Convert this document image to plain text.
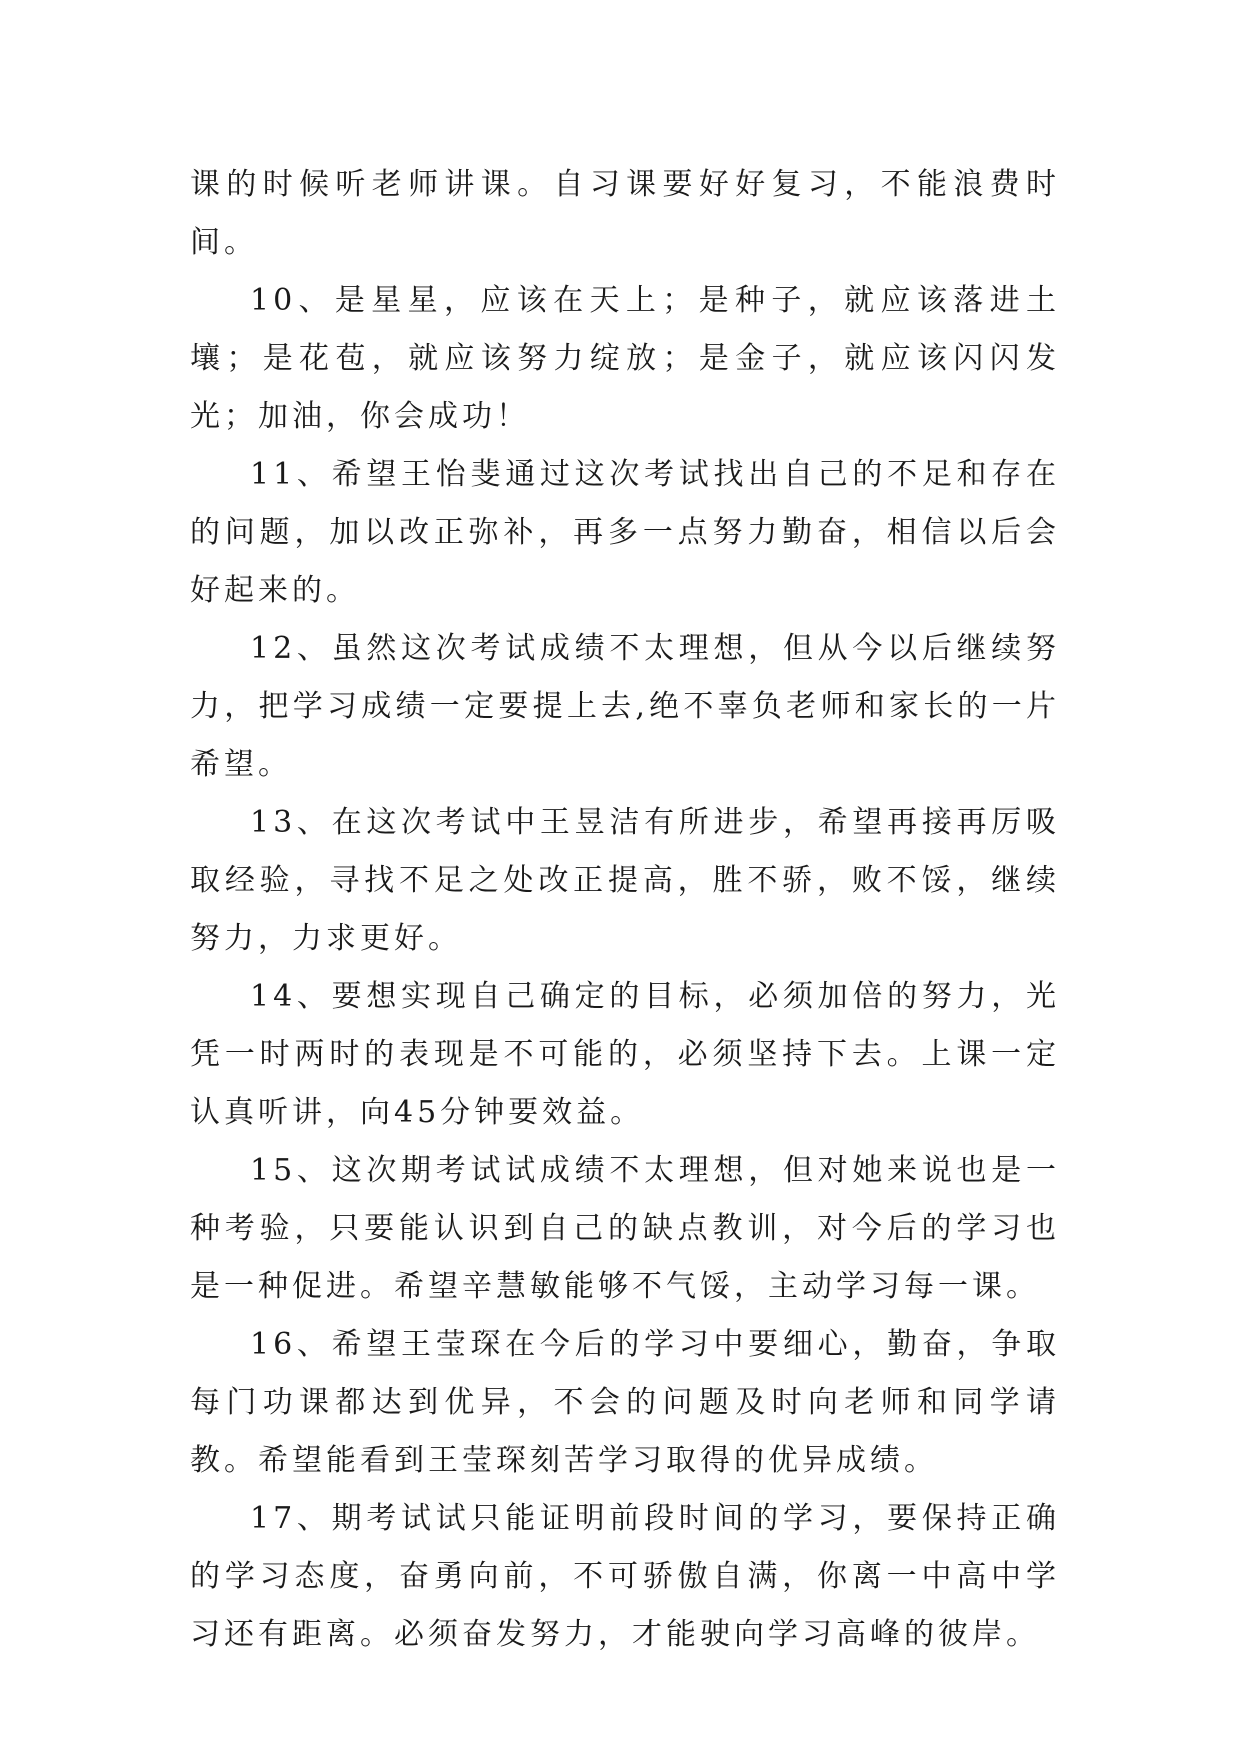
课的时候听老师讲课。自习课要好好复习，不能浪费时间。

10、是星星，应该在天上；是种子，就应该落进土壤；是花苞，就应该努力绽放；是金子，就应该闪闪发光；加油，你会成功！

11、希望王怡斐通过这次考试找出自己的不足和存在的问题，加以改正弥补，再多一点努力勤奋，相信以后会好起来的。

12、虽然这次考试成绩不太理想，但从今以后继续努力，把学习成绩一定要提上去,绝不辜负老师和家长的一片希望。

13、在这次考试中王昱洁有所进步，希望再接再厉吸取经验，寻找不足之处改正提高，胜不骄，败不馁，继续努力，力求更好。

14、要想实现自己确定的目标，必须加倍的努力，光凭一时两时的表现是不可能的，必须坚持下去。上课一定认真听讲，向45分钟要效益。

15、这次期考试试成绩不太理想，但对她来说也是一种考验，只要能认识到自己的缺点教训，对今后的学习也是一种促进。希望辛慧敏能够不气馁，主动学习每一课。

16、希望王莹琛在今后的学习中要细心，勤奋，争取每门功课都达到优异，不会的问题及时向老师和同学请教。希望能看到王莹琛刻苦学习取得的优异成绩。

17、期考试试只能证明前段时间的学习，要保持正确的学习态度，奋勇向前，不可骄傲自满，你离一中高中学习还有距离。必须奋发努力，才能驶向学习高峰的彼岸。
